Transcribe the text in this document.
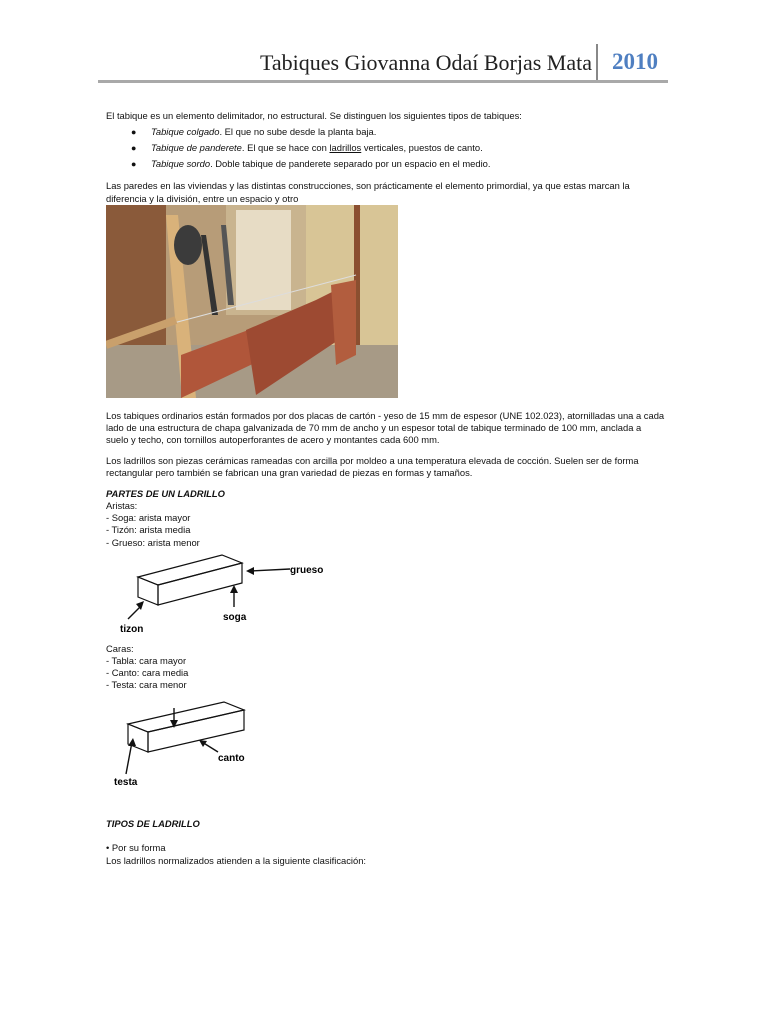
Tabiques Giovanna Odaí Borjas Mata 2010

El tabique es un elemento delimitador, no estructural. Se distinguen los siguientes tipos de tabiques:

● Tabique colgado. El que no sube desde la planta baja.
● Tabique de panderete. El que se hace con ladrillos verticales, puestos de canto.
● Tabique sordo. Doble tabique de panderete separado por un espacio en el medio.

Las paredes en las viviendas y las distintas construcciones, son prácticamente el elemento primordial, ya que estas marcan la diferencia y la división, entre un espacio y otro

Los tabiques ordinarios están formados por dos placas de cartón - yeso de 15 mm de espesor (UNE 102.023), atornilladas una a cada lado de una estructura de chapa galvanizada de 70 mm de ancho y un espesor total de tabique terminado de 100 mm, anclada a suelo y techo, con tornillos autoperforantes de acero y montantes cada 600 mm.

Los ladrillos son piezas cerámicas rameadas con arcilla por moldeo a una temperatura elevada de cocción. Suelen ser de forma rectangular pero también se fabrican una gran variedad de piezas en formas y tamaños.

PARTES DE UN LADRILLO

Aristas:

- Soga: arista mayor

- Tizón: arista media

- Grueso: arista menor

grueso
soga
tizon

Caras:

- Tabla: cara mayor

- Canto: cara media

- Testa: cara menor

canto
testa

TIPOS DE LADRILLO

• Por su forma

Los ladrillos normalizados atienden a la siguiente clasificación:
